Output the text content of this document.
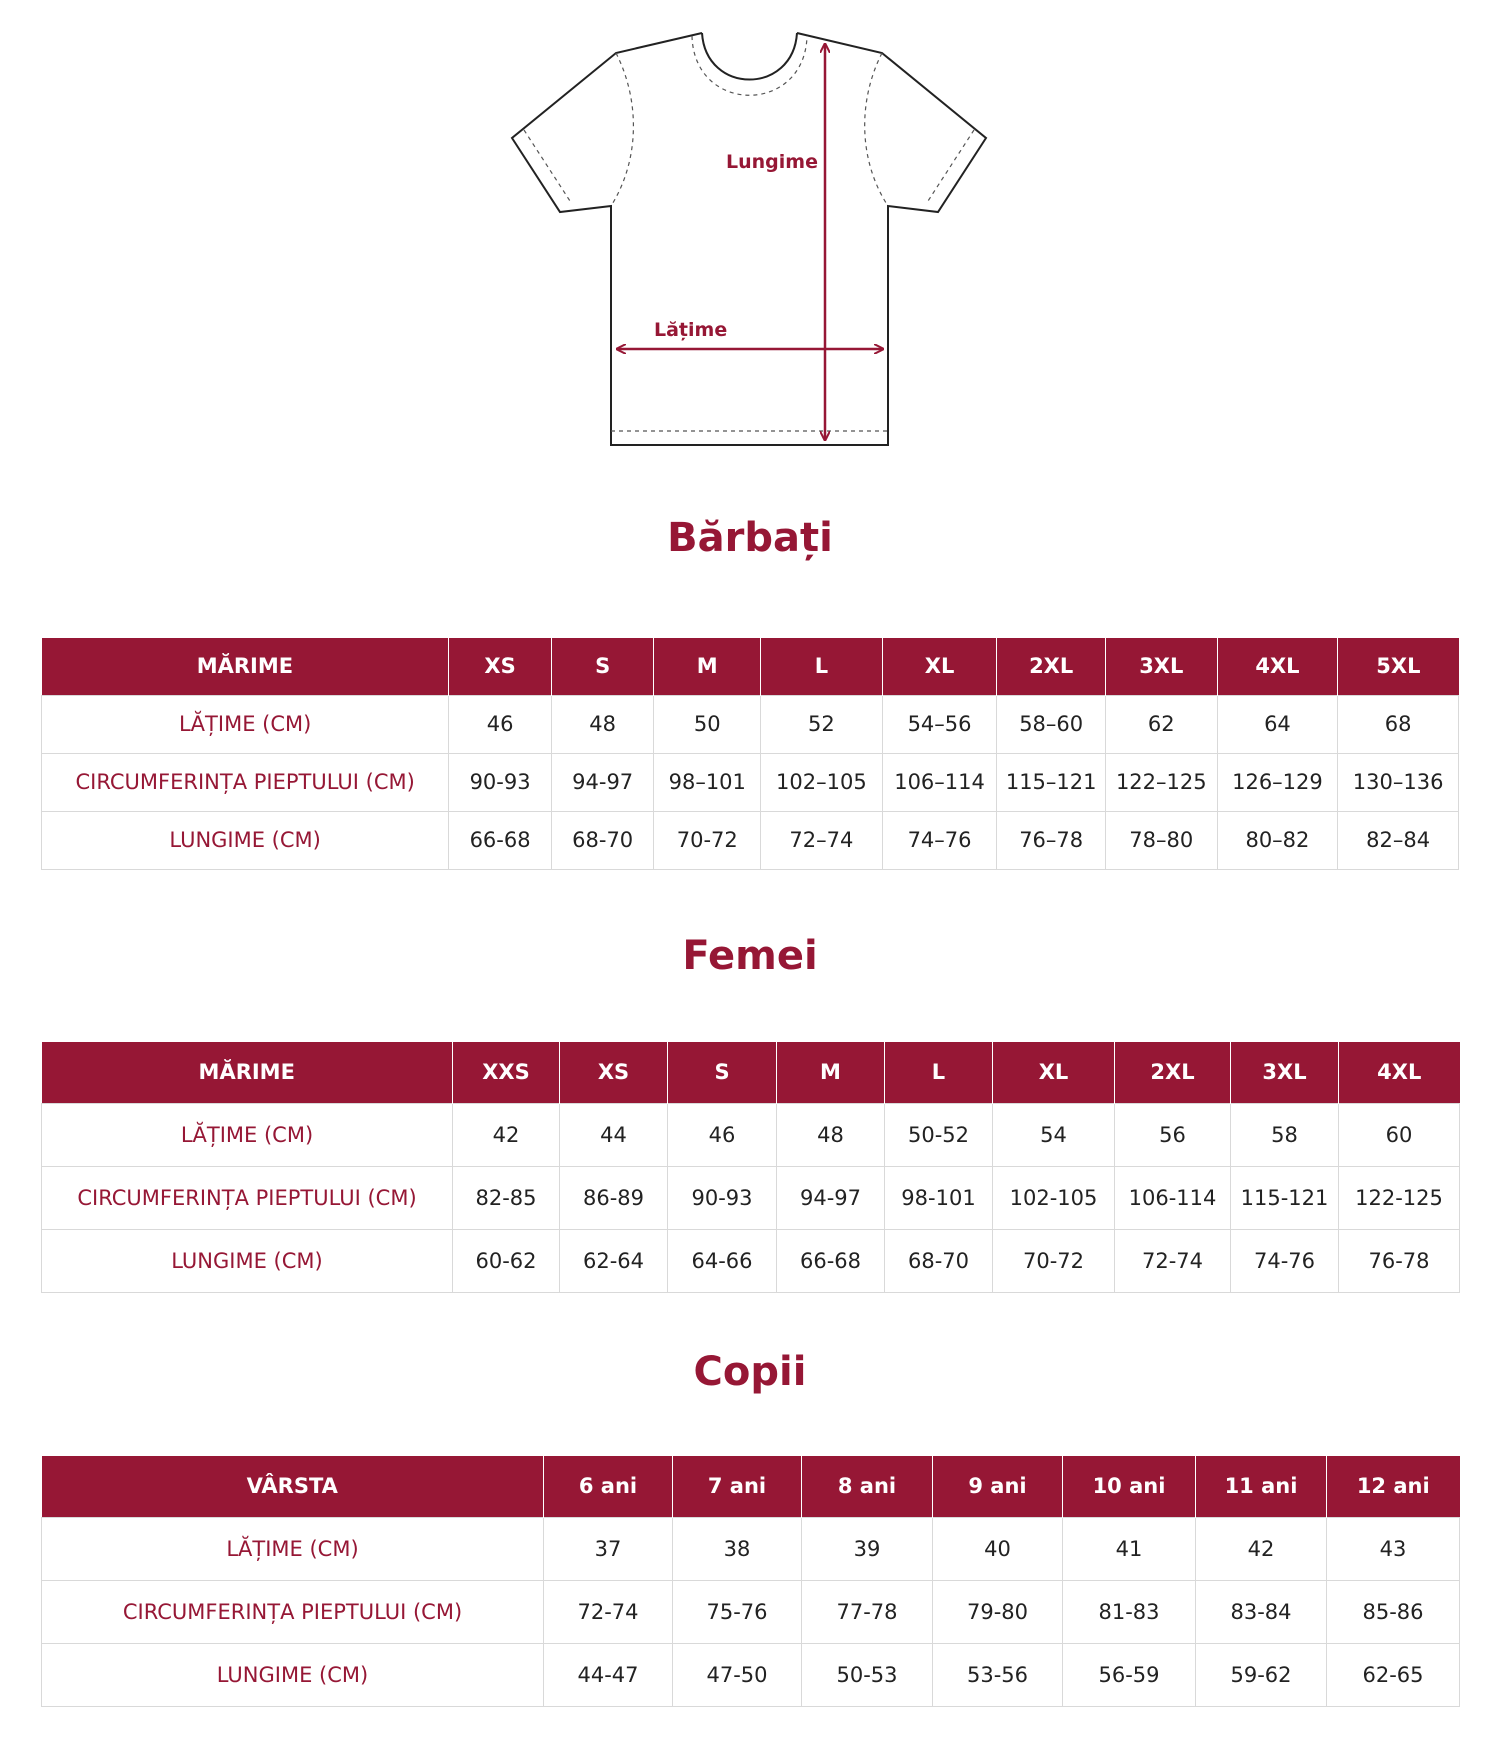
Lungime
Lățime
Bărbați
MĂRIME	XS	S	M	L	XL	2XL	3XL	4XL	5XL
LĂȚIME (CM)	46	48	50	52	54–56	58–60	62	64	68
CIRCUMFERINȚA PIEPTULUI (CM)	90-93	94-97	98–101	102–105	106–114	115–121	122–125	126–129	130–136
LUNGIME (CM)	66-68	68-70	70-72	72–74	74–76	76–78	78–80	80–82	82–84
Femei
MĂRIME	XXS	XS	S	M	L	XL	2XL	3XL	4XL
LĂȚIME (CM)	42	44	46	48	50-52	54	56	58	60
CIRCUMFERINȚA PIEPTULUI (CM)	82-85	86-89	90-93	94-97	98-101	102-105	106-114	115-121	122-125
LUNGIME (CM)	60-62	62-64	64-66	66-68	68-70	70-72	72-74	74-76	76-78
Copii
VÂRSTA	6 ani	7 ani	8 ani	9 ani	10 ani	11 ani	12 ani
LĂȚIME (CM)	37	38	39	40	41	42	43
CIRCUMFERINȚA PIEPTULUI (CM)	72-74	75-76	77-78	79-80	81-83	83-84	85-86
LUNGIME (CM)	44-47	47-50	50-53	53-56	56-59	59-62	62-65
